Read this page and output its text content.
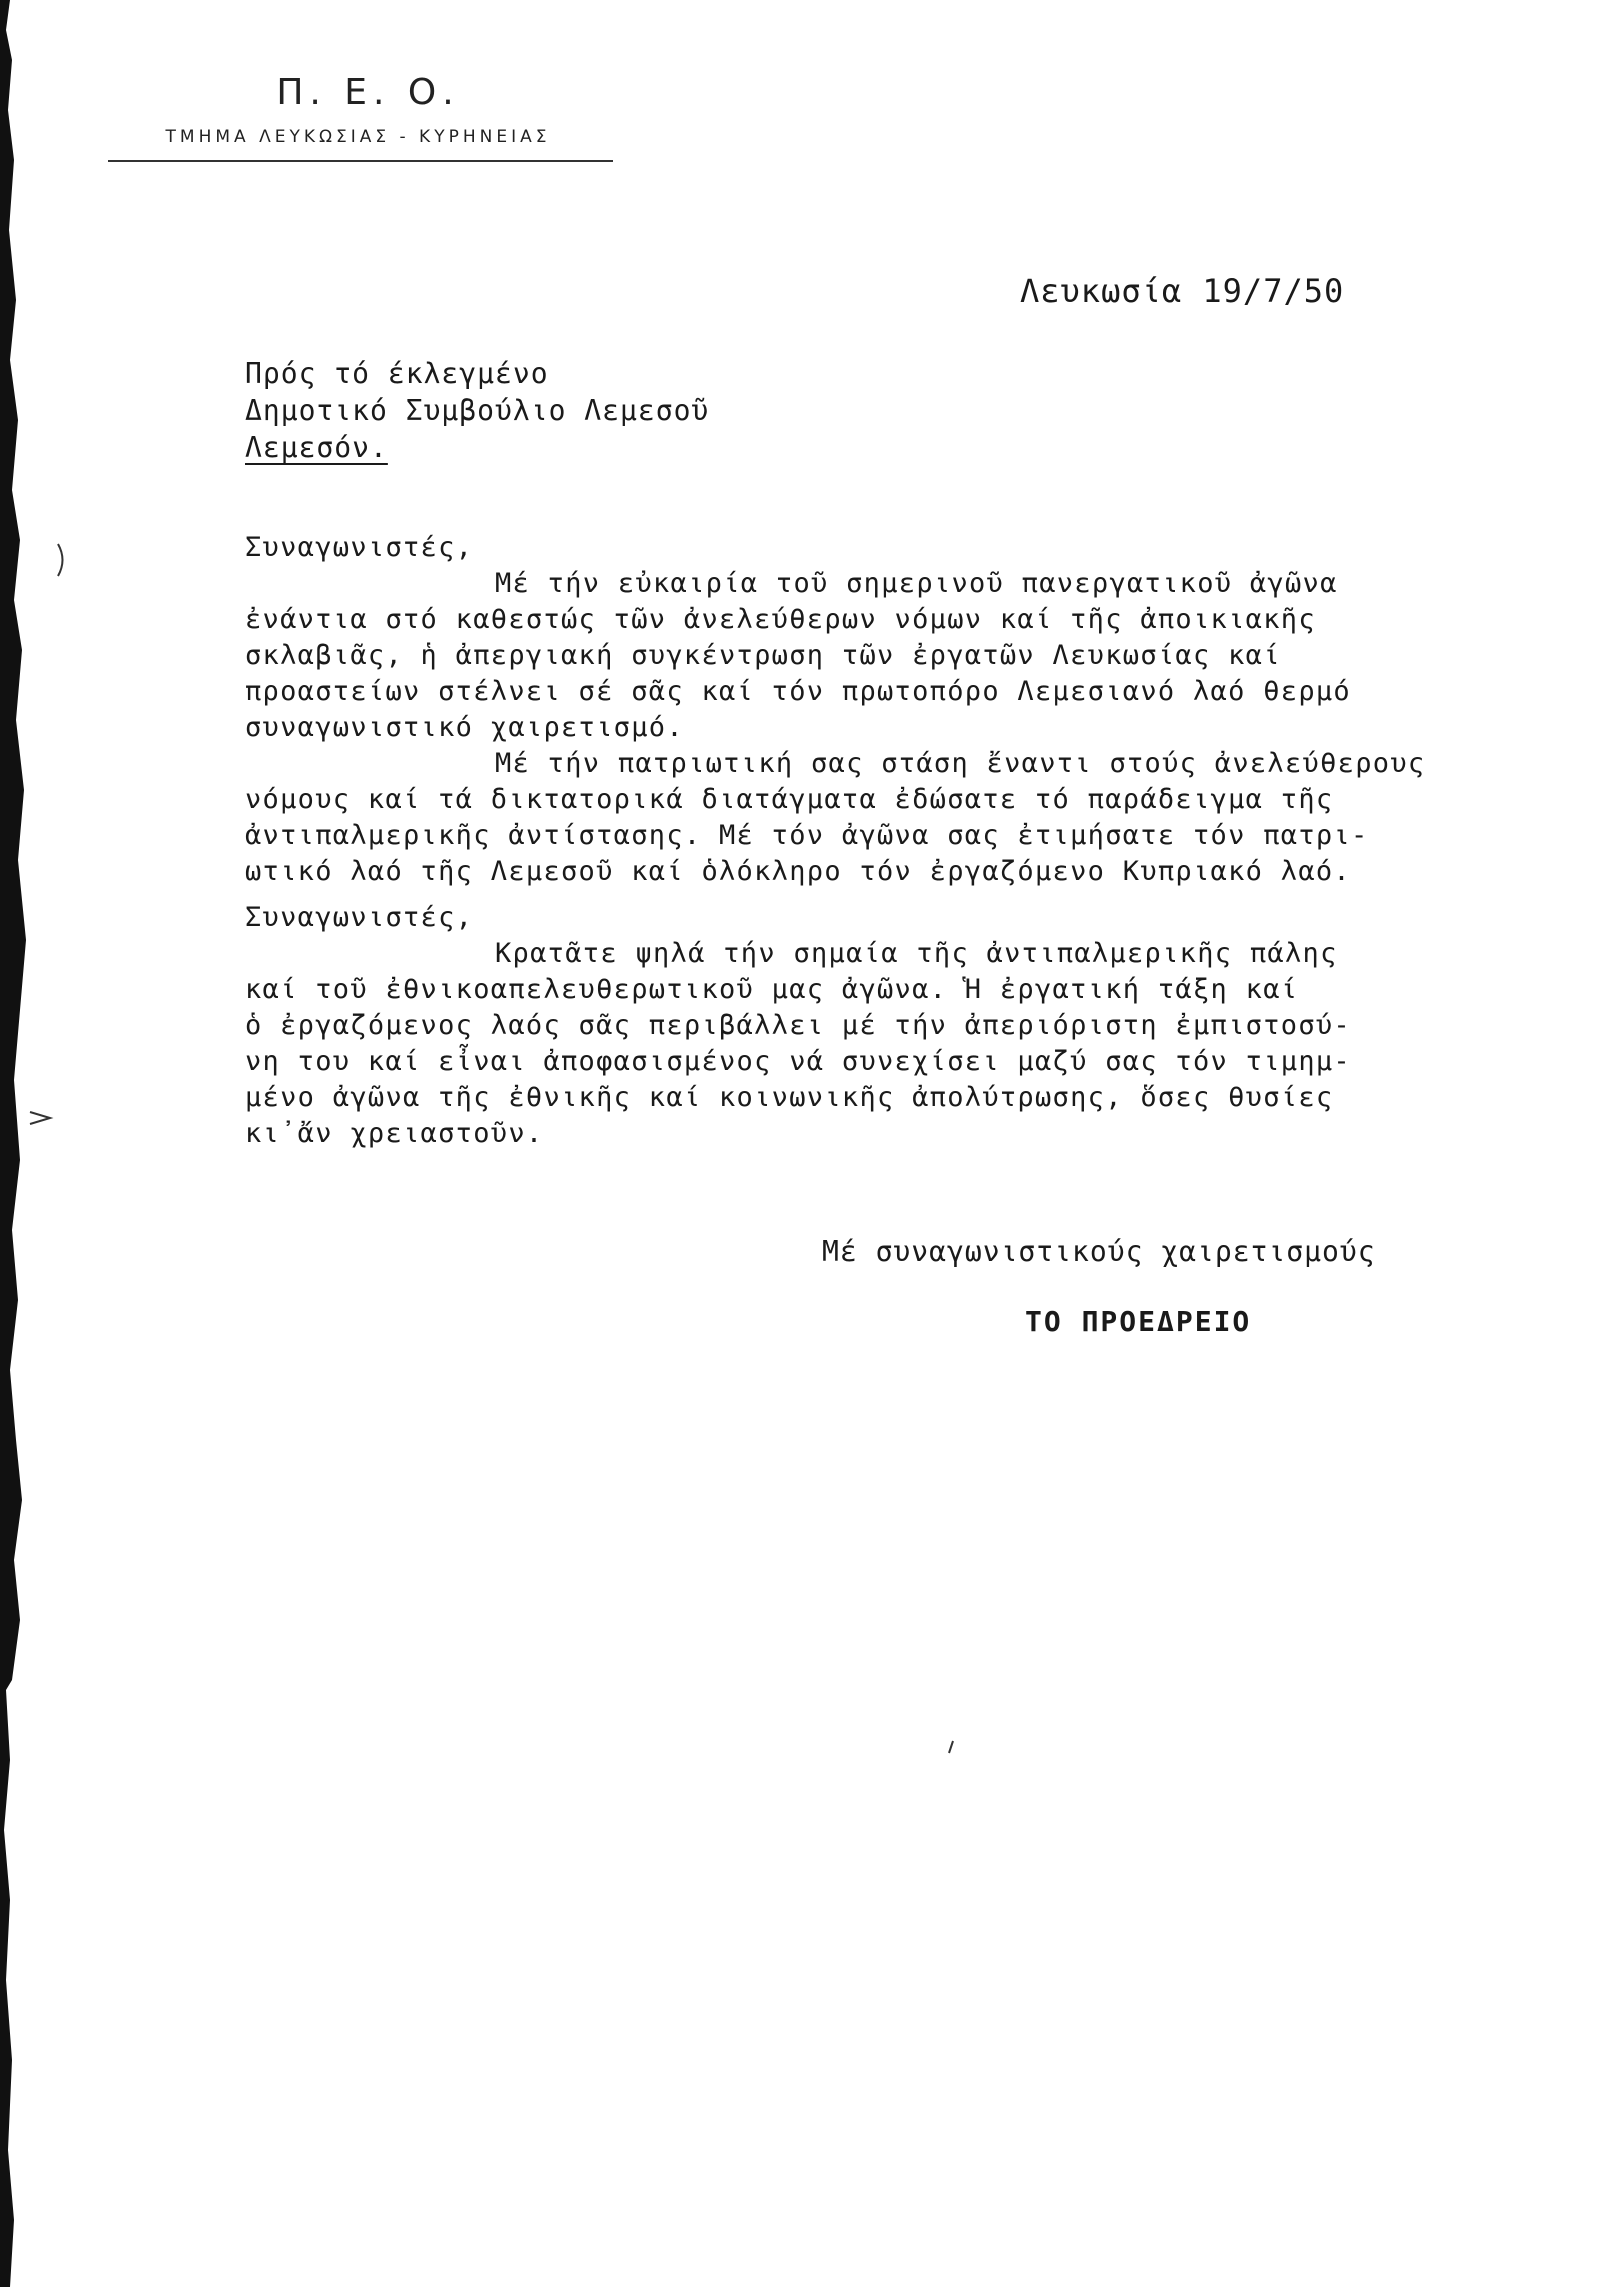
Π. Ε. Ο.
ΤΜΗΜΑ ΛΕΥΚΩΣΙΑΣ - ΚΥΡΗΝΕΙΑΣ
Λευκωσία 19/7/50
Πρός τό έκλεγμένο
Δημοτικό Συμβούλιο Λεμεσοῦ
Λεμεσόν.
Συναγωνιστές,
Μέ τήν εὐκαιρία τοῦ σημερινοῦ πανεργατικοῦ ἀγῶνα
ἐνάντια στό καθεστώς τῶν ἀνελεύθερων νόμων καί τῆς ἀποικιακῆς
σκλαβιᾶς, ἡ ἀπεργιακή συγκέντρωση τῶν ἐργατῶν Λευκωσίας καί
προαστείων στέλνει σέ σᾶς καί τόν πρωτοπόρο Λεμεσιανό λαό θερμό
συναγωνιστικό χαιρετισμό.
Μέ τήν πατριωτική σας στάση ἔναντι στούς ἀνελεύθερους
νόμους καί τά δικτατορικά διατάγματα ἐδώσατε τό παράδειγμα τῆς
ἀντιπαλμερικῆς ἀντίστασης. Μέ τόν ἀγῶνα σας ἐτιμήσατε τόν πατρι-
ωτικό λαό τῆς Λεμεσοῦ καί ὁλόκληρο τόν ἐργαζόμενο Κυπριακό λαό.
Συναγωνιστές,
Κρατᾶτε ψηλά τήν σημαία τῆς ἀντιπαλμερικῆς πάλης
καί τοῦ ἐθνικοαπελευθερωτικοῦ μας ἀγῶνα. Ἡ ἐργατική τάξη καί
ὁ ἐργαζόμενος λαός σᾶς περιβάλλει μέ τήν ἀπεριόριστη ἐμπιστοσύ-
νη του καί εἶναι ἀποφασισμένος νά συνεχίσει μαζύ σας τόν τιμημ-
μένο ἀγῶνα τῆς ἐθνικῆς καί κοινωνικῆς ἀπολύτρωσης, ὅσες θυσίες
κι᾽ἄν χρειαστοῦν.
Μέ συναγωνιστικούς χαιρετισμούς
ΤΟ ΠΡΟΕΔΡΕΙΟ
